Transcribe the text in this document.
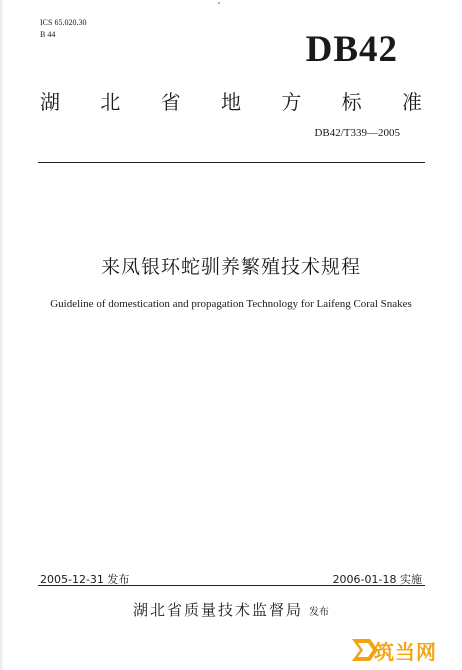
ICS 65.020.30
B 44	DB42
湖 北 省 地 方 标 准
DB42/T339—2005
来凤银环蛇驯养繁殖技术规程
Guideline of domestication and propagation Technology for Laifeng Coral Snakes
2005-12-31 发布	2006-01-18 实施
湖北省质量技术监督局 发布
筑当网
